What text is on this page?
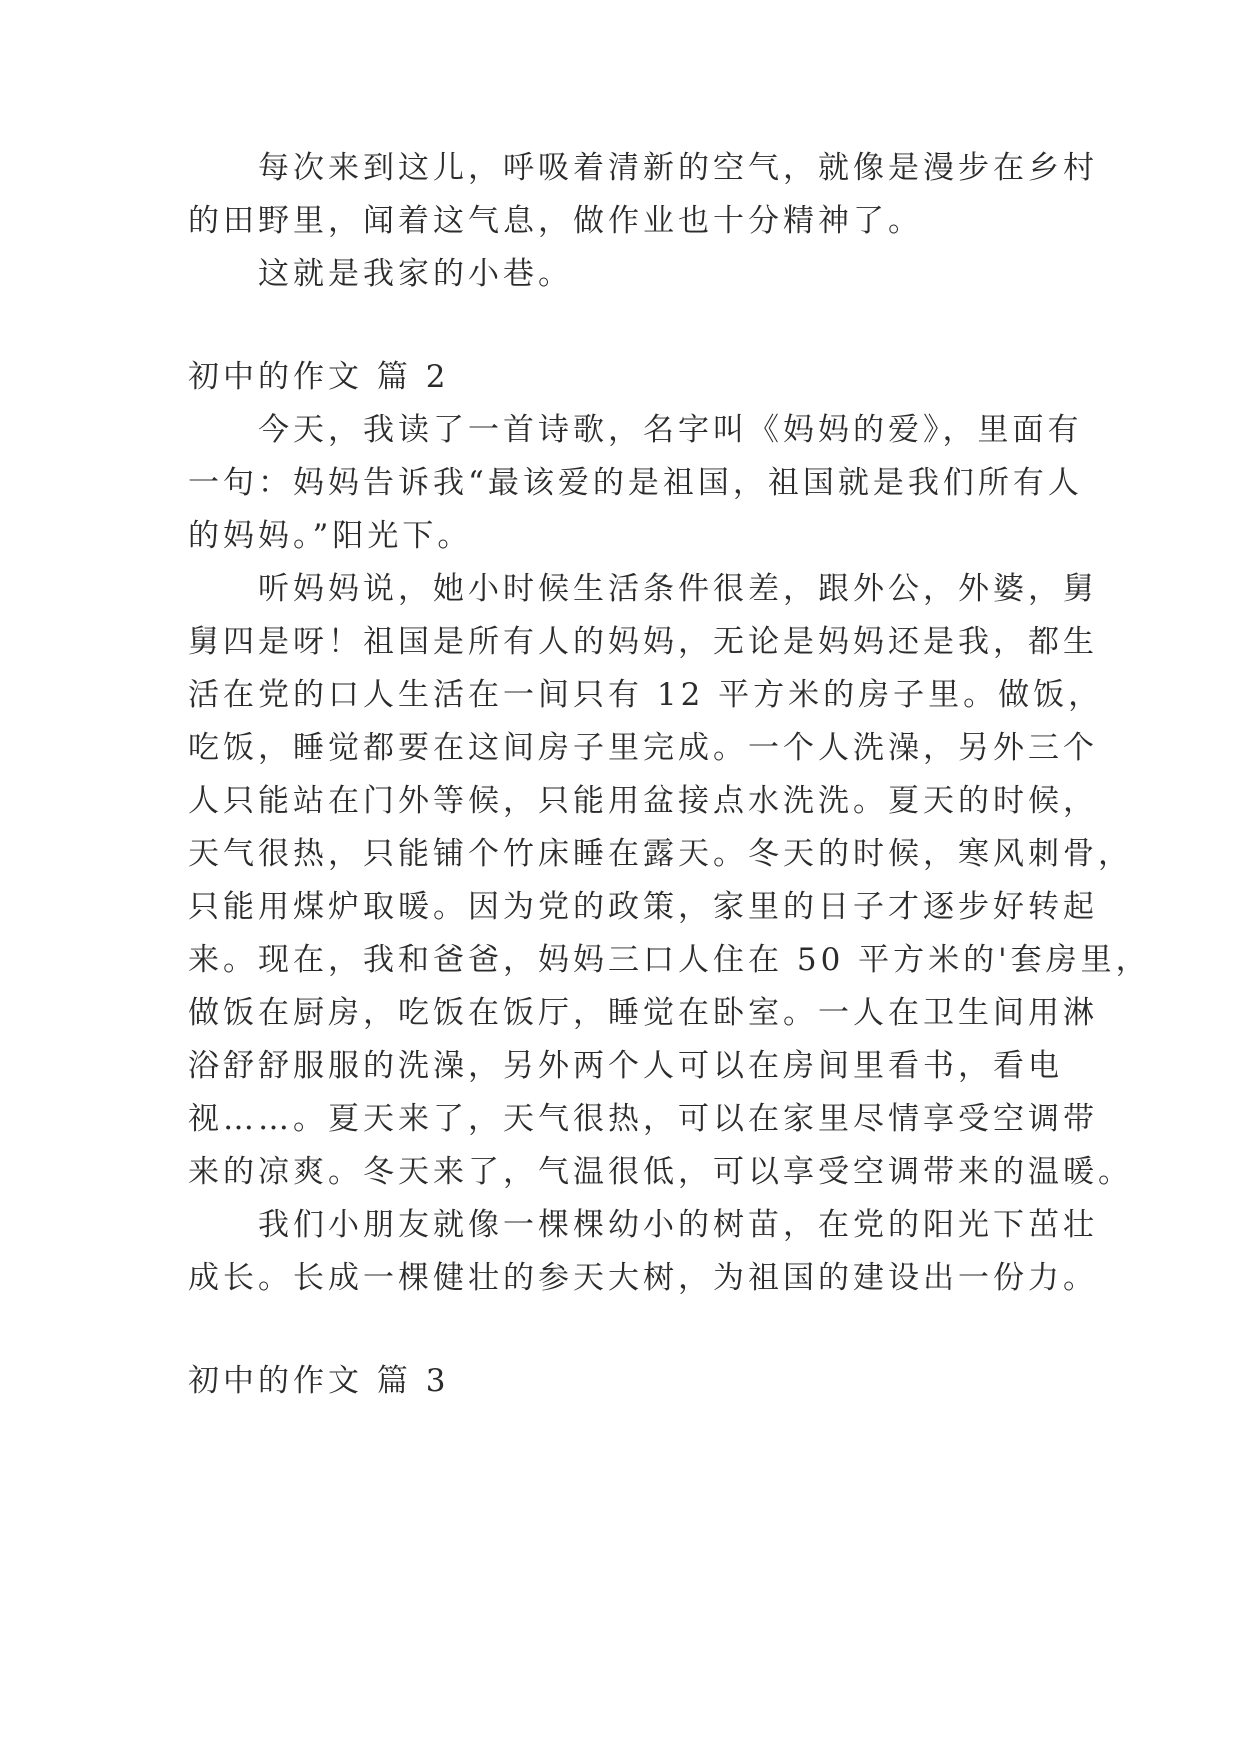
每次来到这儿，呼吸着清新的空气，就像是漫步在乡村

的田野里，闻着这气息，做作业也十分精神了。

这就是我家的小巷。

初中的作文 篇 2

今天，我读了一首诗歌，名字叫《妈妈的爱》，里面有

一句：妈妈告诉我“最该爱的是祖国，祖国就是我们所有人

的妈妈。”阳光下。

听妈妈说，她小时候生活条件很差，跟外公，外婆，舅

舅四是呀！祖国是所有人的妈妈，无论是妈妈还是我，都生

活在党的口人生活在一间只有 12 平方米的房子里。做饭，

吃饭，睡觉都要在这间房子里完成。一个人洗澡，另外三个

人只能站在门外等候，只能用盆接点水洗洗。夏天的时候，

天气很热，只能铺个竹床睡在露天。冬天的时候，寒风刺骨，

只能用煤炉取暖。因为党的政策，家里的日子才逐步好转起

来。现在，我和爸爸，妈妈三口人住在 50 平方米的'套房里，

做饭在厨房，吃饭在饭厅，睡觉在卧室。一人在卫生间用淋

浴舒舒服服的洗澡，另外两个人可以在房间里看书，看电

视……。夏天来了，天气很热，可以在家里尽情享受空调带

来的凉爽。冬天来了，气温很低，可以享受空调带来的温暖。

我们小朋友就像一棵棵幼小的树苗，在党的阳光下茁壮

成长。长成一棵健壮的参天大树，为祖国的建设出一份力。

初中的作文 篇 3
